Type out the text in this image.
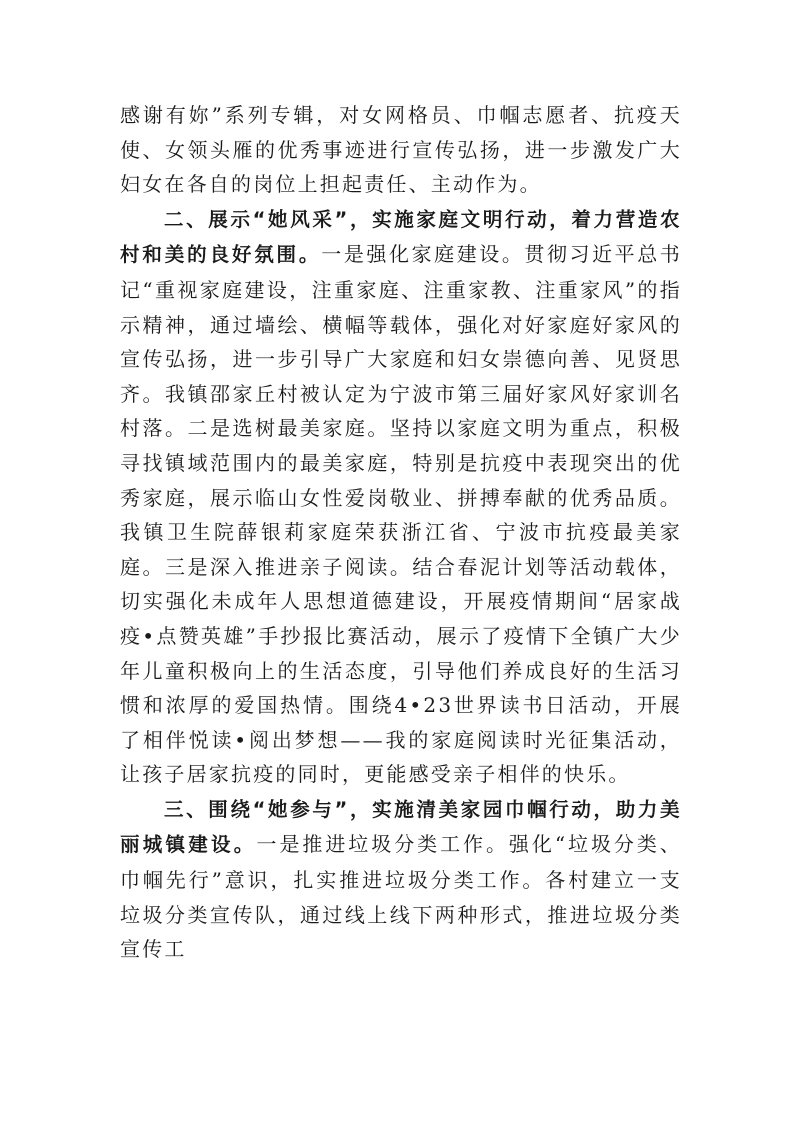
感谢有妳”系列专辑，对女网格员、巾帼志愿者、抗疫天使、女领头雁的优秀事迹进行宣传弘扬，进一步激发广大妇女在各自的岗位上担起责任、主动作为。

二、展示“她风采”，实施家庭文明行动，着力营造农村和美的良好氛围。一是强化家庭建设。贯彻习近平总书记“重视家庭建设，注重家庭、注重家教、注重家风”的指示精神，通过墙绘、横幅等载体，强化对好家庭好家风的宣传弘扬，进一步引导广大家庭和妇女崇德向善、见贤思齐。我镇邵家丘村被认定为宁波市第三届好家风好家训名村落。二是选树最美家庭。坚持以家庭文明为重点，积极寻找镇域范围内的最美家庭，特别是抗疫中表现突出的优秀家庭，展示临山女性爱岗敬业、拼搏奉献的优秀品质。我镇卫生院薛银莉家庭荣获浙江省、宁波市抗疫最美家庭。三是深入推进亲子阅读。结合春泥计划等活动载体，切实强化未成年人思想道德建设，开展疫情期间“居家战疫•点赞英雄”手抄报比赛活动，展示了疫情下全镇广大少年儿童积极向上的生活态度，引导他们养成良好的生活习惯和浓厚的爱国热情。围绕4•23世界读书日活动，开展了相伴悦读•阅出梦想——我的家庭阅读时光征集活动，让孩子居家抗疫的同时，更能感受亲子相伴的快乐。

三、围绕“她参与”，实施清美家园巾帼行动，助力美丽城镇建设。一是推进垃圾分类工作。强化“垃圾分类、巾帼先行”意识，扎实推进垃圾分类工作。各村建立一支垃圾分类宣传队，通过线上线下两种形式，推进垃圾分类宣传工
